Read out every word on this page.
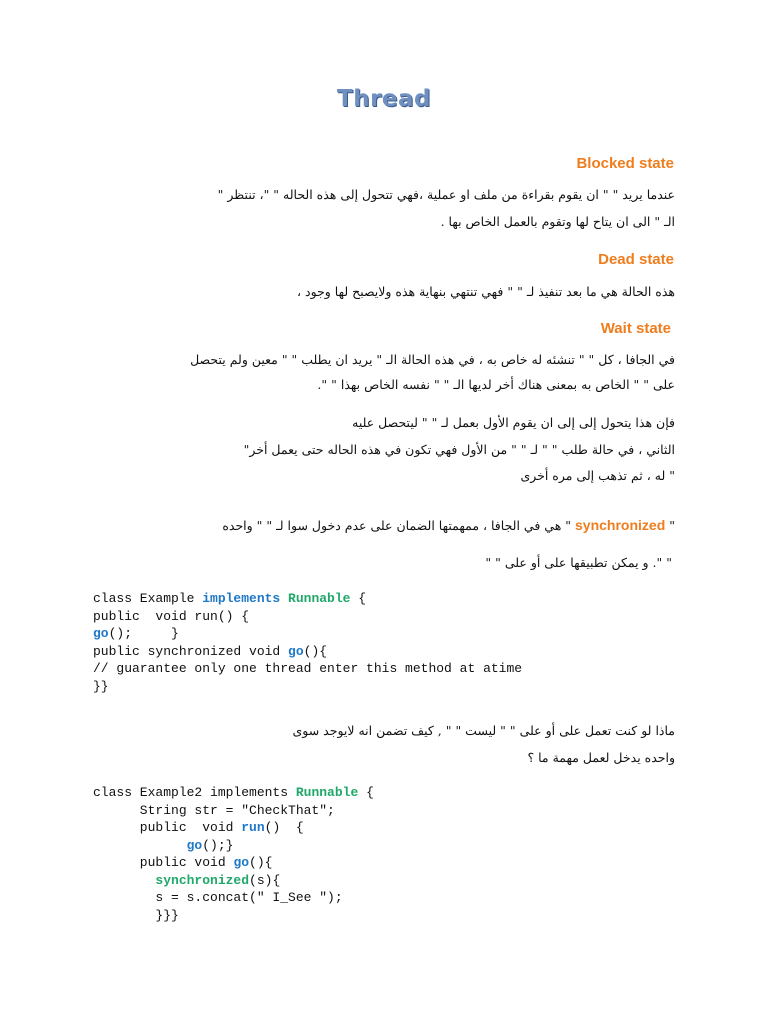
Thread
Blocked state
عندما يريد " " ان يقوم بقراءة من ملف او عملية ،فهي تتحول إلى هذه الحاله " "، تنتظر "
الـ " الى ان يتاح لها وتقوم بالعمل الخاص بها .
Dead state
هذه الحالة هي ما بعد تنفيذ لـ " " فهي تنتهي بنهاية هذه ولايصبح لها وجود ،
Wait state
في الجافا ، كل " " تنشئه له خاص به ، في هذه الحالة الـ " يريد ان يطلب " " معين ولم يتحصل
على " " الخاص به بمعنى هناك أخر لديها الـ " " نفسه الخاص بهذا " ".
فإن هذا يتحول إلى إلى ان يقوم الأول بعمل لـ " " ليتحصل عليه
الثاني ، في حالة طلب " " لـ " " من الأول فهي تكون في هذه الحاله حتى يعمل أخر"
" له ، ثم تذهب إلى مره أخرى
" synchronized " هي في الجافا ، ممهمتها الضمان على عدم دخول سوا لـ " " واحده
" ". و يمكن تطبيقها على أو على " "
class Example implements Runnable {
public  void run() {
go();     }
public synchronized void go(){
// guarantee only one thread enter this method at atime
}}
ماذا لو كنت تعمل على أو على " " ليست " " , كيف تضمن انه لايوجد سوى
واحده يدخل لعمل مهمة ما ؟
class Example2 implements Runnable {
String str = "CheckThat";
public  void run()  {
go();}
public void go(){
synchronized(s){
s = s.concat(" I_See ");
}}}
